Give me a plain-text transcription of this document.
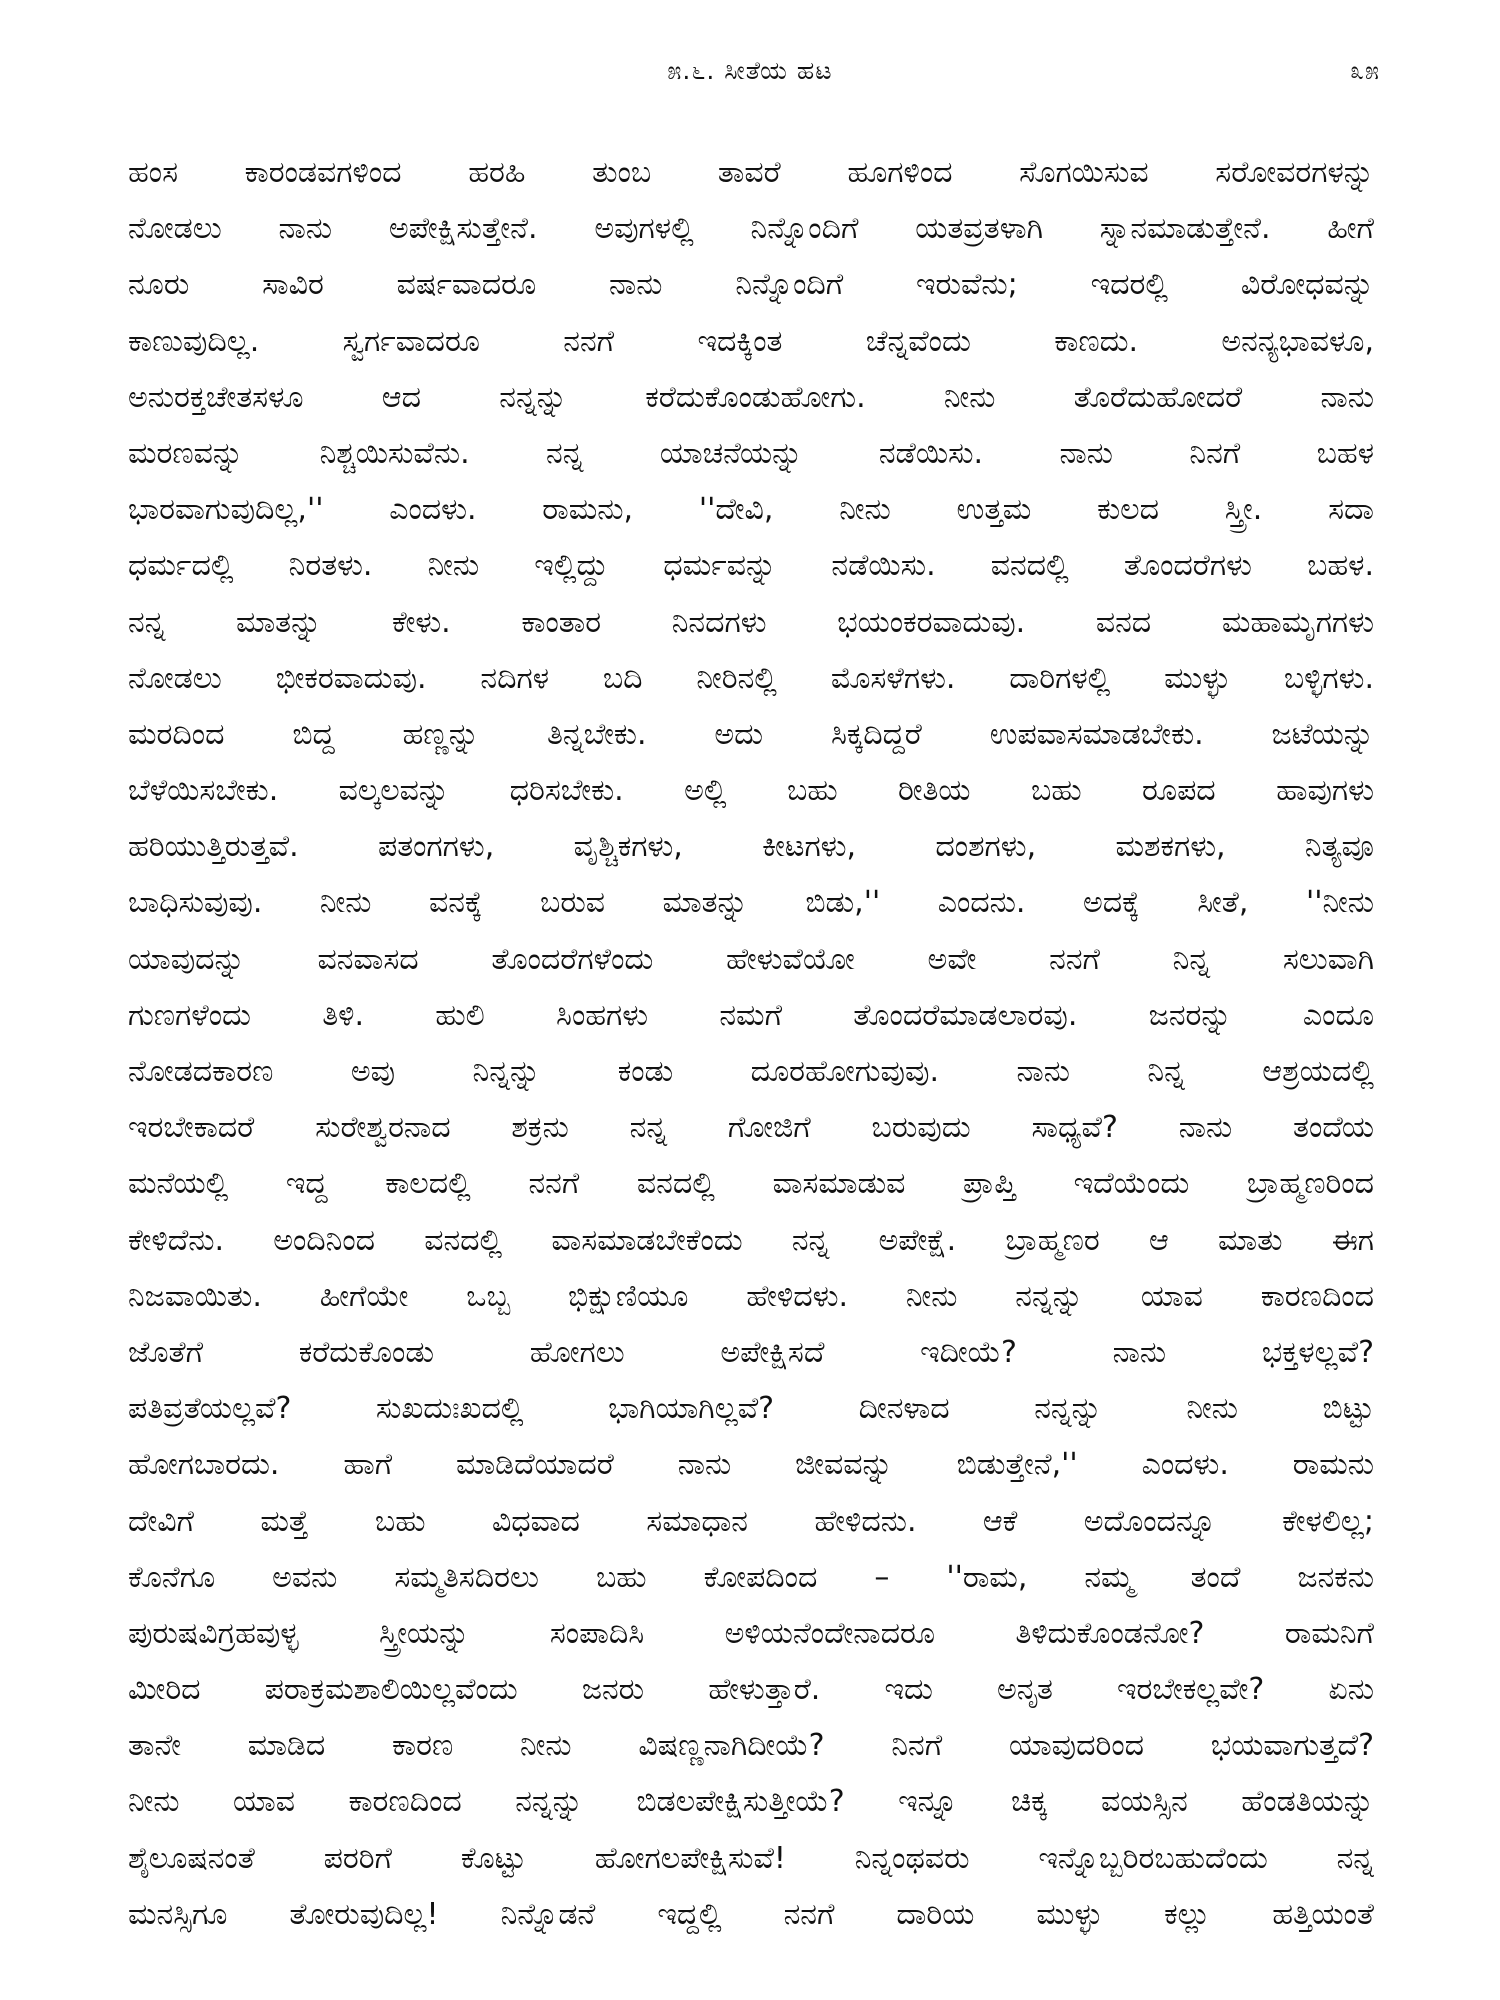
೫.೬. ಸೀತೆಯ ಹಟ	೩೫
ಹಂಸ ಕಾರಂಡವಗಳಿಂದ ಹರಹಿ ತುಂಬ ತಾವರೆ ಹೂಗಳಿಂದ ಸೊಗಯಿಸುವ ಸರೋವರಗಳನ್ನು
ನೋಡಲು ನಾನು ಅಪೇಕ್ಷಿಸುತ್ತೇನೆ. ಅವುಗಳಲ್ಲಿ ನಿನ್ನೊಂದಿಗೆ ಯತವ್ರತಳಾಗಿ ಸ್ನಾನಮಾಡುತ್ತೇನೆ. ಹೀಗೆ
ನೂರು ಸಾವಿರ ವರ್ಷವಾದರೂ ನಾನು ನಿನ್ನೊಂದಿಗೆ ಇರುವೆನು; ಇದರಲ್ಲಿ ವಿರೋಧವನ್ನು
ಕಾಣುವುದಿಲ್ಲ. ಸ್ವರ್ಗವಾದರೂ ನನಗೆ ಇದಕ್ಕಿಂತ ಚೆನ್ನವೆಂದು ಕಾಣದು. ಅನನ್ಯಭಾವಳೂ,
ಅನುರಕ್ತಚೇತಸಳೂ ಆದ ನನ್ನನ್ನು ಕರೆದುಕೊಂಡುಹೋಗು. ನೀನು ತೊರೆದುಹೋದರೆ ನಾನು
ಮರಣವನ್ನು ನಿಶ್ಚಯಿಸುವೆನು. ನನ್ನ ಯಾಚನೆಯನ್ನು ನಡೆಯಿಸು. ನಾನು ನಿನಗೆ ಬಹಳ
ಭಾರವಾಗುವುದಿಲ್ಲ,'' ಎಂದಳು. ರಾಮನು, ''ದೇವಿ, ನೀನು ಉತ್ತಮ ಕುಲದ ಸ್ತ್ರೀ. ಸದಾ
ಧರ್ಮದಲ್ಲಿ ನಿರತಳು. ನೀನು ಇಲ್ಲಿದ್ದು ಧರ್ಮವನ್ನು ನಡೆಯಿಸು. ವನದಲ್ಲಿ ತೊಂದರೆಗಳು ಬಹಳ.
ನನ್ನ ಮಾತನ್ನು ಕೇಳು. ಕಾಂತಾರ ನಿನದಗಳು ಭಯಂಕರವಾದುವು. ವನದ ಮಹಾಮೃಗಗಳು
ನೋಡಲು ಭೀಕರವಾದುವು. ನದಿಗಳ ಬದಿ ನೀರಿನಲ್ಲಿ ಮೊಸಳೆಗಳು. ದಾರಿಗಳಲ್ಲಿ ಮುಳ್ಳು ಬಳ್ಳಿಗಳು.
ಮರದಿಂದ ಬಿದ್ದ ಹಣ್ಣನ್ನು ತಿನ್ನಬೇಕು. ಅದು ಸಿಕ್ಕದಿದ್ದರೆ ಉಪವಾಸಮಾಡಬೇಕು. ಜಟೆಯನ್ನು
ಬೆಳೆಯಿಸಬೇಕು. ವಲ್ಕಲವನ್ನು ಧರಿಸಬೇಕು. ಅಲ್ಲಿ ಬಹು ರೀತಿಯ ಬಹು ರೂಪದ ಹಾವುಗಳು
ಹರಿಯುತ್ತಿರುತ್ತವೆ. ಪತಂಗಗಳು, ವೃಶ್ಚಿಕಗಳು, ಕೀಟಗಳು, ದಂಶಗಳು, ಮಶಕಗಳು, ನಿತ್ಯವೂ
ಬಾಧಿಸುವುವು. ನೀನು ವನಕ್ಕೆ ಬರುವ ಮಾತನ್ನು ಬಿಡು,'' ಎಂದನು. ಅದಕ್ಕೆ ಸೀತೆ, ''ನೀನು
ಯಾವುದನ್ನು ವನವಾಸದ ತೊಂದರೆಗಳೆಂದು ಹೇಳುವೆಯೋ ಅವೇ ನನಗೆ ನಿನ್ನ ಸಲುವಾಗಿ
ಗುಣಗಳೆಂದು ತಿಳಿ. ಹುಲಿ ಸಿಂಹಗಳು ನಮಗೆ ತೊಂದರೆಮಾಡಲಾರವು. ಜನರನ್ನು ಎಂದೂ
ನೋಡದಕಾರಣ ಅವು ನಿನ್ನನ್ನು ಕಂಡು ದೂರಹೋಗುವುವು. ನಾನು ನಿನ್ನ ಆಶ್ರಯದಲ್ಲಿ
ಇರಬೇಕಾದರೆ ಸುರೇಶ್ವರನಾದ ಶಕ್ರನು ನನ್ನ ಗೋಜಿಗೆ ಬರುವುದು ಸಾಧ್ಯವೆ? ನಾನು ತಂದೆಯ
ಮನೆಯಲ್ಲಿ ಇದ್ದ ಕಾಲದಲ್ಲಿ ನನಗೆ ವನದಲ್ಲಿ ವಾಸಮಾಡುವ ಪ್ರಾಪ್ತಿ ಇದೆಯೆಂದು ಬ್ರಾಹ್ಮಣರಿಂದ
ಕೇಳಿದೆನು. ಅಂದಿನಿಂದ ವನದಲ್ಲಿ ವಾಸಮಾಡಬೇಕೆಂದು ನನ್ನ ಅಪೇಕ್ಷೆ. ಬ್ರಾಹ್ಮಣರ ಆ ಮಾತು ಈಗ
ನಿಜವಾಯಿತು. ಹೀಗೆಯೇ ಒಬ್ಬ ಭಿಕ್ಷುಣಿಯೂ ಹೇಳಿದಳು. ನೀನು ನನ್ನನ್ನು ಯಾವ ಕಾರಣದಿಂದ
ಜೊತೆಗೆ ಕರೆದುಕೊಂಡು ಹೋಗಲು ಅಪೇಕ್ಷಿಸದೆ ಇದೀಯೆ? ನಾನು ಭಕ್ತಳಲ್ಲವೆ?
ಪತಿವ್ರತೆಯಲ್ಲವೆ? ಸುಖದುಃಖದಲ್ಲಿ ಭಾಗಿಯಾಗಿಲ್ಲವೆ? ದೀನಳಾದ ನನ್ನನ್ನು ನೀನು ಬಿಟ್ಟು
ಹೋಗಬಾರದು. ಹಾಗೆ ಮಾಡಿದೆಯಾದರೆ ನಾನು ಜೀವವನ್ನು ಬಿಡುತ್ತೇನೆ,'' ಎಂದಳು. ರಾಮನು
ದೇವಿಗೆ ಮತ್ತೆ ಬಹು ವಿಧವಾದ ಸಮಾಧಾನ ಹೇಳಿದನು. ಆಕೆ ಅದೊಂದನ್ನೂ ಕೇಳಲಿಲ್ಲ;
ಕೊನೆಗೂ ಅವನು ಸಮ್ಮತಿಸದಿರಲು ಬಹು ಕೋಪದಿಂದ – ''ರಾಮ, ನಮ್ಮ ತಂದೆ ಜನಕನು
ಪುರುಷವಿಗ್ರಹವುಳ್ಳ ಸ್ತ್ರೀಯನ್ನು ಸಂಪಾದಿಸಿ ಅಳಿಯನೆಂದೇನಾದರೂ ತಿಳಿದುಕೊಂಡನೋ? ರಾಮನಿಗೆ
ಮೀರಿದ ಪರಾಕ್ರಮಶಾಲಿಯಿಲ್ಲವೆಂದು ಜನರು ಹೇಳುತ್ತಾರೆ. ಇದು ಅನೃತ ಇರಬೇಕಲ್ಲವೇ? ಏನು
ತಾನೇ ಮಾಡಿದ ಕಾರಣ ನೀನು ವಿಷಣ್ಣನಾಗಿದೀಯೆ? ನಿನಗೆ ಯಾವುದರಿಂದ ಭಯವಾಗುತ್ತದೆ?
ನೀನು ಯಾವ ಕಾರಣದಿಂದ ನನ್ನನ್ನು ಬಿಡಲಪೇಕ್ಷಿಸುತ್ತೀಯೆ? ಇನ್ನೂ ಚಿಕ್ಕ ವಯಸ್ಸಿನ ಹೆಂಡತಿಯನ್ನು
ಶೈಲೂಷನಂತೆ ಪರರಿಗೆ ಕೊಟ್ಟು ಹೋಗಲಪೇಕ್ಷಿಸುವೆ! ನಿನ್ನಂಥವರು ಇನ್ನೊಬ್ಬರಿರಬಹುದೆಂದು ನನ್ನ
ಮನಸ್ಸಿಗೂ ತೋರುವುದಿಲ್ಲ! ನಿನ್ನೊಡನೆ ಇದ್ದಲ್ಲಿ ನನಗೆ ದಾರಿಯ ಮುಳ್ಳು ಕಲ್ಲು ಹತ್ತಿಯಂತೆ
